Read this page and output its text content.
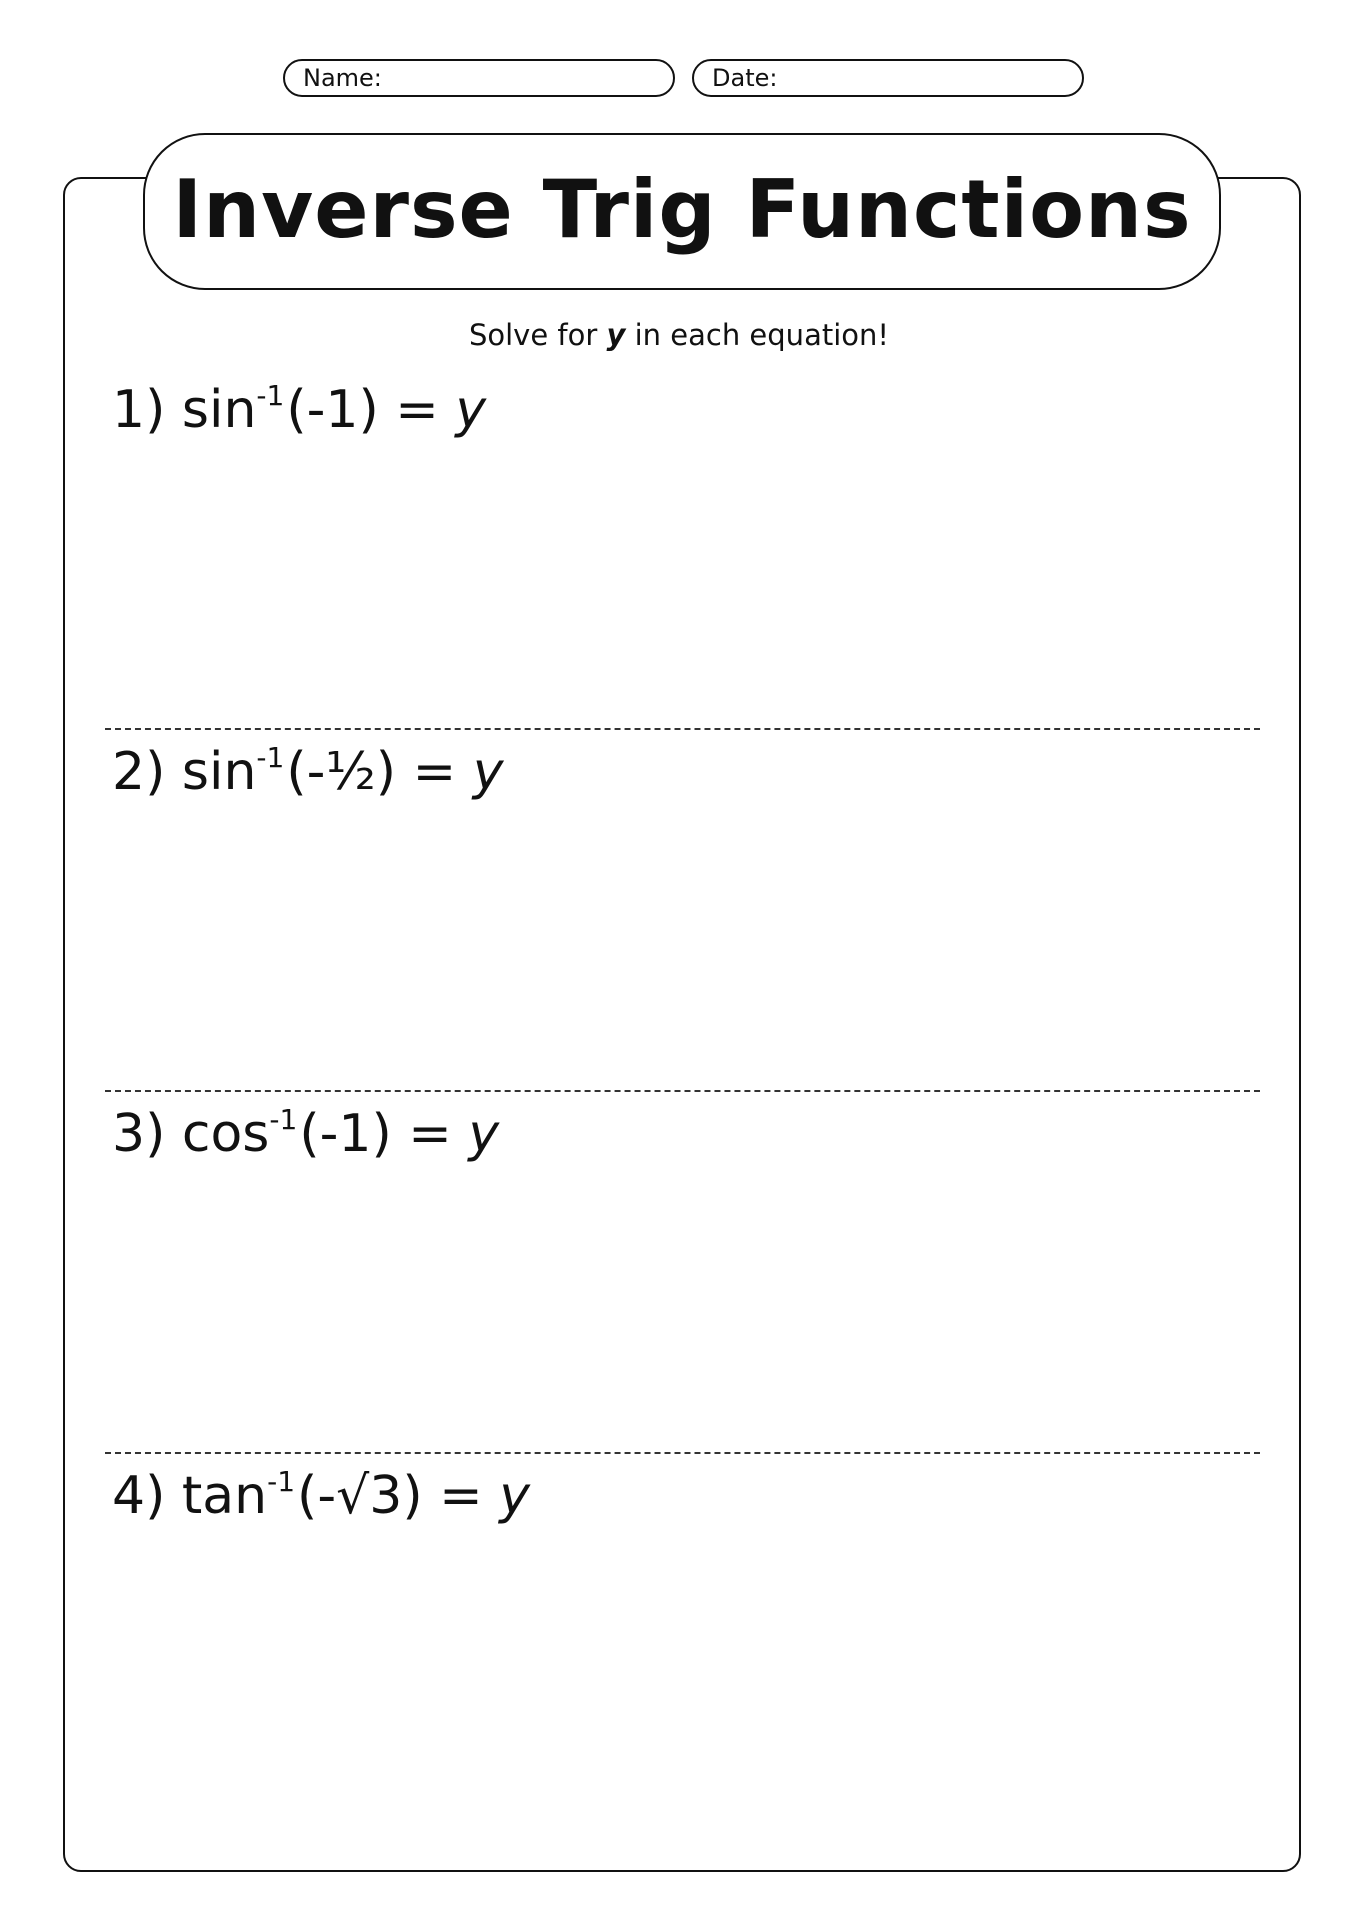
Name:	Date:
Inverse Trig Functions
Solve for y in each equation!
1) $\sin^{-1}(-1) = y$
2) $\sin^{-1}(-\frac{1}{2}) = y$
3) $\cos^{-1}(-1) = y$
4) $\tan^{-1}(-√3) = y$
